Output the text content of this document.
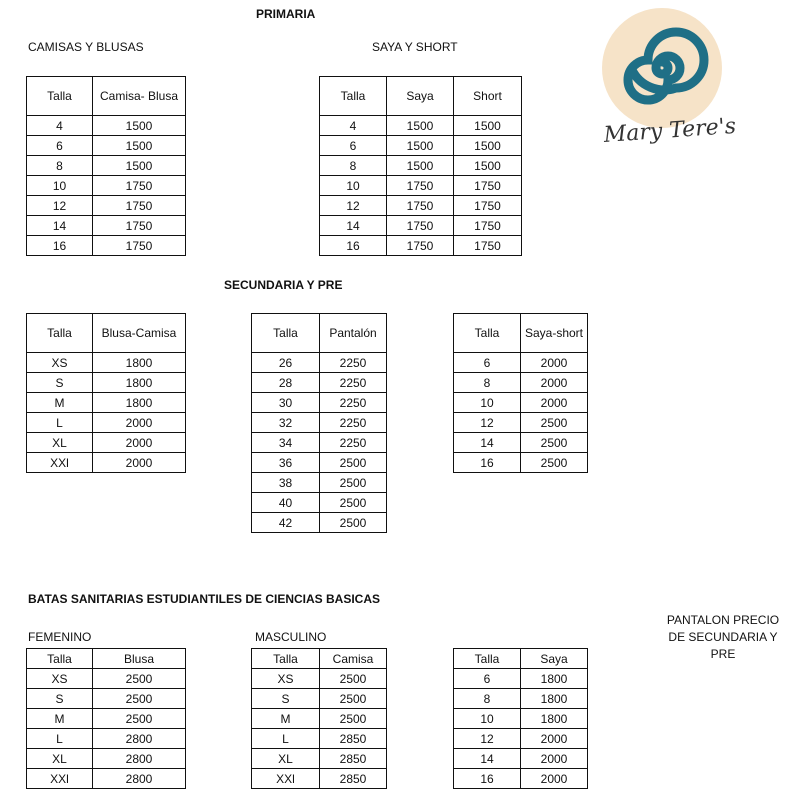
PRIMARIA
CAMISAS Y BLUSAS	SAYA Y SHORT
SECUNDARIA Y PRE
BATAS SANITARIAS ESTUDIANTILES DE CIENCIAS BASICAS
FEMENINO	MASCULINO
PANTALON PRECIO DE SECUNDARIA Y PRE
Talla	Camisa- Blusa
4	1500
6	1500
8	1500
10	1750
12	1750
14	1750
16	1750
Talla	Saya	Short
4	1500	1500
6	1500	1500
8	1500	1500
10	1750	1750
12	1750	1750
14	1750	1750
16	1750	1750
Talla	Blusa-Camisa
XS	1800
S	1800
M	1800
L	2000
XL	2000
XXl	2000
Talla	Pantalón
26	2250
28	2250
30	2250
32	2250
34	2250
36	2500
38	2500
40	2500
42	2500
Talla	Saya-short
6	2000
8	2000
10	2000
12	2500
14	2500
16	2500
Talla	Blusa
XS	2500
S	2500
M	2500
L	2800
XL	2800
XXl	2800
Talla	Camisa
XS	2500
S	2500
M	2500
L	2850
XL	2850
XXl	2850
Talla	Saya
6	1800
8	1800
10	1800
12	2000
14	2000
16	2000
Mary Tere's
